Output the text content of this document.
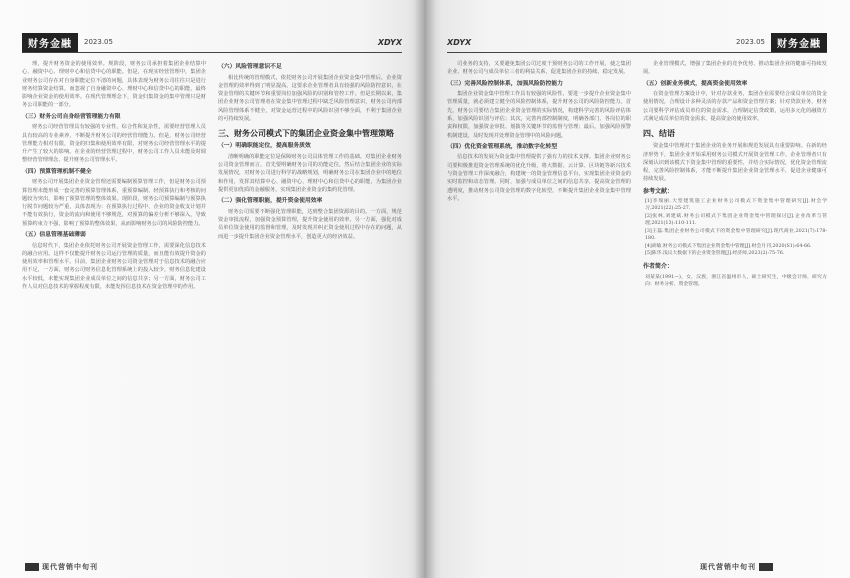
财务金融	2023.05	XDYX

理，提升财务资金的使用效率。规阶段，财务公司承担着集团企业结算中心、融资中心、理财中心和信贷中心的职能。但是，在现实经营管理中，集团企业财务公司存在对自身职能定位不清的问题，具体表现为财务公司往往只是进行财务结算资金结算，而忽视了自身融资中心、理财中心和信贷中心的职能，最终影响企业资金的使用效率。在现代管理理念下，资金归集资金的集中管理只是财务公司职能的一部分。

（三）财务公司自身经营管理能力有限

财务公司经营管理具有较强的专业性，综合性和复杂性，需要经营管理人员具有较高的专业素养，不断提升财务公司的经营管理能力。但是，财务公司经营管理能力相对有限，资金的归集和使用效率有限，对财务公司经营管理水平的提升产生了较大的影响。在企业的经营管理过程中，财务公司工作人员未能及时调整经营管理理念，提升财务公司管理水平。

（四）预算管理机制不健全

财务公司开展集团企业资金管理还需要编制预算管理工作，但是财务公司预算管理未能形成一套完善的预算管理体系，重预算编制、轻预算执行和考核的问题较为突出，影响了预算管理的整体效果。现阶段，财务公司预算编制与预算执行脱节问题较为严重，具体表现为：在预算执行过程中，企业的资金收支计划并不能有效执行，资金的流向和使用不够规范，对预算的偏差分析不够深入，导致预算约束力不强，影响了预算的整体效果，从而影响财务公司的风险防控能力。

（五）信息管理基础薄弱

信息时代下，集团企业依托财务公司开展资金管理工作，需要深化信息技术的融合应用。这样不仅能提升财务公司运行管理的质量，而且能有效提升资金的使用效率和管理水平。目前，集团企业财务公司资金管理对于信息技术的融合应用不足，一方面，财务公司财务信息化管理系统上的投入较少，财务信息化建设水平较低，未能实现集团企业成员单位之间的信息共享；另一方面，财务公司工作人员对信息技术的掌握程度有限，未能发挥信息技术在资金管理中的作用。

（六）风险管理意识不足

相比传统的管理模式，依托财务公司开展集团企业资金集中管理后，企业资金管理的效率得到了明显提高。这要求企业管理者具有较强的风险防控意识，在资金管理的关键环节和重要岗位加强风险的识别和管控工作。但是长期以来，集团企业财务公司管理者在资金集中管理过程中缺乏风险管理意识，财务公司内部风险管理体系不健全，对资金运营过程中的风险识别不够全面，不利于集团企业的可持续发展。

三、财务公司模式下的集团企业资金集中管理策略
（一）明确职能定位，提高服务质效

清晰明确的职能定位是保障财务公司具体管理工作的基础。对集团企业财务公司资金管理而言，首先要明确财务公司的功能定位，然后结合集团企业的实际发展情况，对财务公司进行科学的战略规划，明确财务公司在集团企业中的地位和作用，发挥其结算中心、融资中心、理财中心和信贷中心的职能，为集团企业提供更加优质的金融服务，实现集团企业资金的集约化管理。

（二）强化管理职能，提升资金使用效率

财务公司需要不断强化管理职能，达到整合集团资源的目的。一方面，规范资金审批流程，加强资金预算管理，提升资金使用的效率。另一方面，强化对成员单位资金使用的监督和管理，及时发现并纠正资金使用过程中存在的问题，从而进一步提升集团企业资金管理水平，创造更大的经济效益。

现代营销中旬刊
XDYX	2023.05	财务金融

司业务的支持，又要避免集团公司过度干预财务公司的工作开展，使之集团企业、财务公司与成员单位三者的利益关系，促进集团企业的持续、稳定发展。

（三）完善风险控制体系，加强风险防控能力

集团企业资金集中管理工作具有较强的风险性，要进一步提升企业资金集中管理质量，就必须建立健全的风险控制体系，提升财务公司的风险防控能力。首先，财务公司要结合集团企业资金管理的实际情况，构建科学完善的风险评估体系，加强风险识别与评估；其次，完善内部控制制度，明确各部门、各岗位的职责和权限，加强资金审批、划拨等关键环节的监督与管理；最后，加强风险预警机制建设，及时发现并处理资金管理中的风险问题。

（四）优化资金管理系统，推动数字化转型

信息技术的发展为资金集中管理提供了强有力的技术支撑。集团企业财务公司要积极推进资金管理系统的优化升级，将大数据、云计算、区块链等新兴技术与资金管理工作深度融合，构建统一的资金管理信息平台，实现集团企业资金的实时监控和动态管理。同时，加强与成员单位之间的信息共享，提高资金管理的透明度，推动财务公司资金管理的数字化转型，不断提升集团企业资金集中管理水平。

企业管理模式，增强了集团企业的竞争优势，推动集团企业的健康可持续发展。

（五）创新业务模式，提高资金使用效率

在资金管理方案设计中，针对存款业务，集团企业需要结合成员单位的资金使用情况，合理设计多种灵活的存款产品和资金管理方案；针对贷款业务，财务公司要科学评估成员单位的资金需求，合理制定信贷政策，运用多元化的融资方式满足成员单位的资金需求，提高资金的使用效率。

四、结语

资金集中管理对于集团企业的业务开展和规范发展具有重要影响。在新的经济形势下，集团企业开始采用财务公司模式开展资金管理工作。企业管理者只有深刻认识到该模式下资金集中管理的重要性，并结合实际情况，优化资金管理流程，完善风险控制体系，才能不断提升集团企业资金管理水平，促进企业健康可持续发展。

参考文献：
[1]李瑞丽.大型建筑施工企业财务公司模式下资金集中管理研究[J].财会学习,2021(22):25-27.
[2]张林,刘建斌.财务公司模式下集团企业资金集中管理探讨[J].企业改革与管理,2021(13):110-111.
[3]王磊.集团企业财务公司模式下的资金集中管理研究[J].现代商业,2021(7):178-180.
[4]胡敏.财务公司模式下集团企业资金集中管理[J].财会月刊,2020(S1):64-66.
[5]陈华.浅议大数据下的企业资金管理[J].经济师,2023(2):75-76.
作者简介：
刘某某(1991—)，女，汉族，浙江省温州市人，硕士研究生，中级会计师，研究方向：财务分析、资金管理。
现代营销中旬刊
